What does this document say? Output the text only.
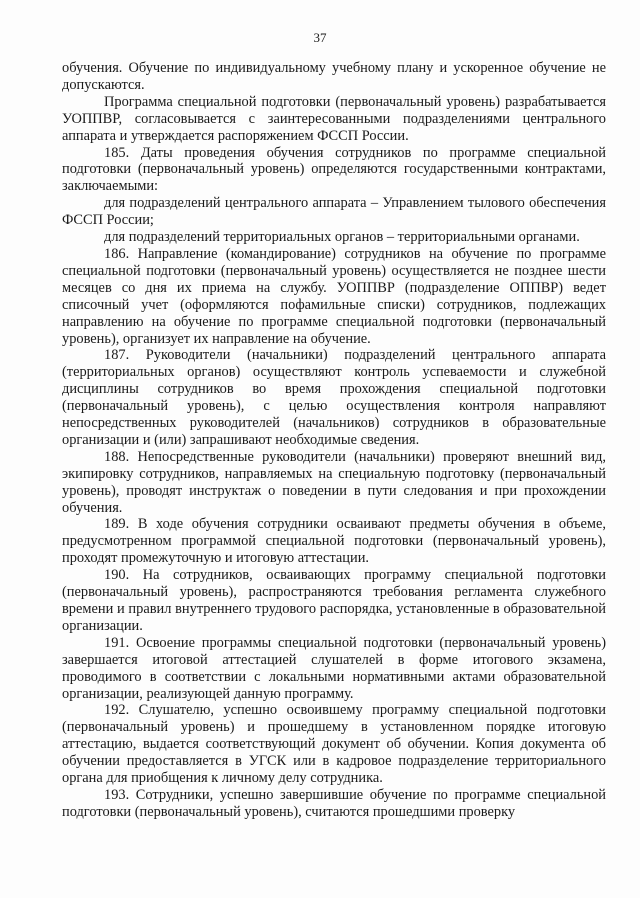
37

обучения. Обучение по индивидуальному учебному плану и ускоренное обучение не допускаются.

Программа специальной подготовки (первоначальный уровень) разрабатывается УОППВР, согласовывается с заинтересованными подразделениями центрального аппарата и утверждается распоряжением ФССП России.

185. Даты проведения обучения сотрудников по программе специальной подготовки (первоначальный уровень) определяются государственными контрактами, заключаемыми:

для подразделений центрального аппарата – Управлением тылового обеспечения ФССП России;

для подразделений территориальных органов – территориальными органами.

186. Направление (командирование) сотрудников на обучение по программе специальной подготовки (первоначальный уровень) осуществляется не позднее шести месяцев со дня их приема на службу. УОППВР (подразделение ОППВР) ведет списочный учет (оформляются пофамильные списки) сотрудников, подлежащих направлению на обучение по программе специальной подготовки (первоначальный уровень), организует их направление на обучение.

187. Руководители (начальники) подразделений центрального аппарата (территориальных органов) осуществляют контроль успеваемости и служебной дисциплины сотрудников во время прохождения специальной подготовки (первоначальный уровень), с целью осуществления контроля направляют непосредственных руководителей (начальников) сотрудников в образовательные организации и (или) запрашивают необходимые сведения.

188. Непосредственные руководители (начальники) проверяют внешний вид, экипировку сотрудников, направляемых на специальную подготовку (первоначальный уровень), проводят инструктаж о поведении в пути следования и при прохождении обучения.

189. В ходе обучения сотрудники осваивают предметы обучения в объеме, предусмотренном программой специальной подготовки (первоначальный уровень), проходят промежуточную и итоговую аттестации.

190. На сотрудников, осваивающих программу специальной подготовки (первоначальный уровень), распространяются требования регламента служебного времени и правил внутреннего трудового распорядка, установленные в образовательной организации.

191. Освоение программы специальной подготовки (первоначальный уровень) завершается итоговой аттестацией слушателей в форме итогового экзамена, проводимого в соответствии с локальными нормативными актами образовательной организации, реализующей данную программу.

192. Слушателю, успешно освоившему программу специальной подготовки (первоначальный уровень) и прошедшему в установленном порядке итоговую аттестацию, выдается соответствующий документ об обучении. Копия документа об обучении предоставляется в УГСК или в кадровое подразделение территориального органа для приобщения к личному делу сотрудника.

193. Сотрудники, успешно завершившие обучение по программе специальной подготовки (первоначальный уровень), считаются прошедшими проверку
